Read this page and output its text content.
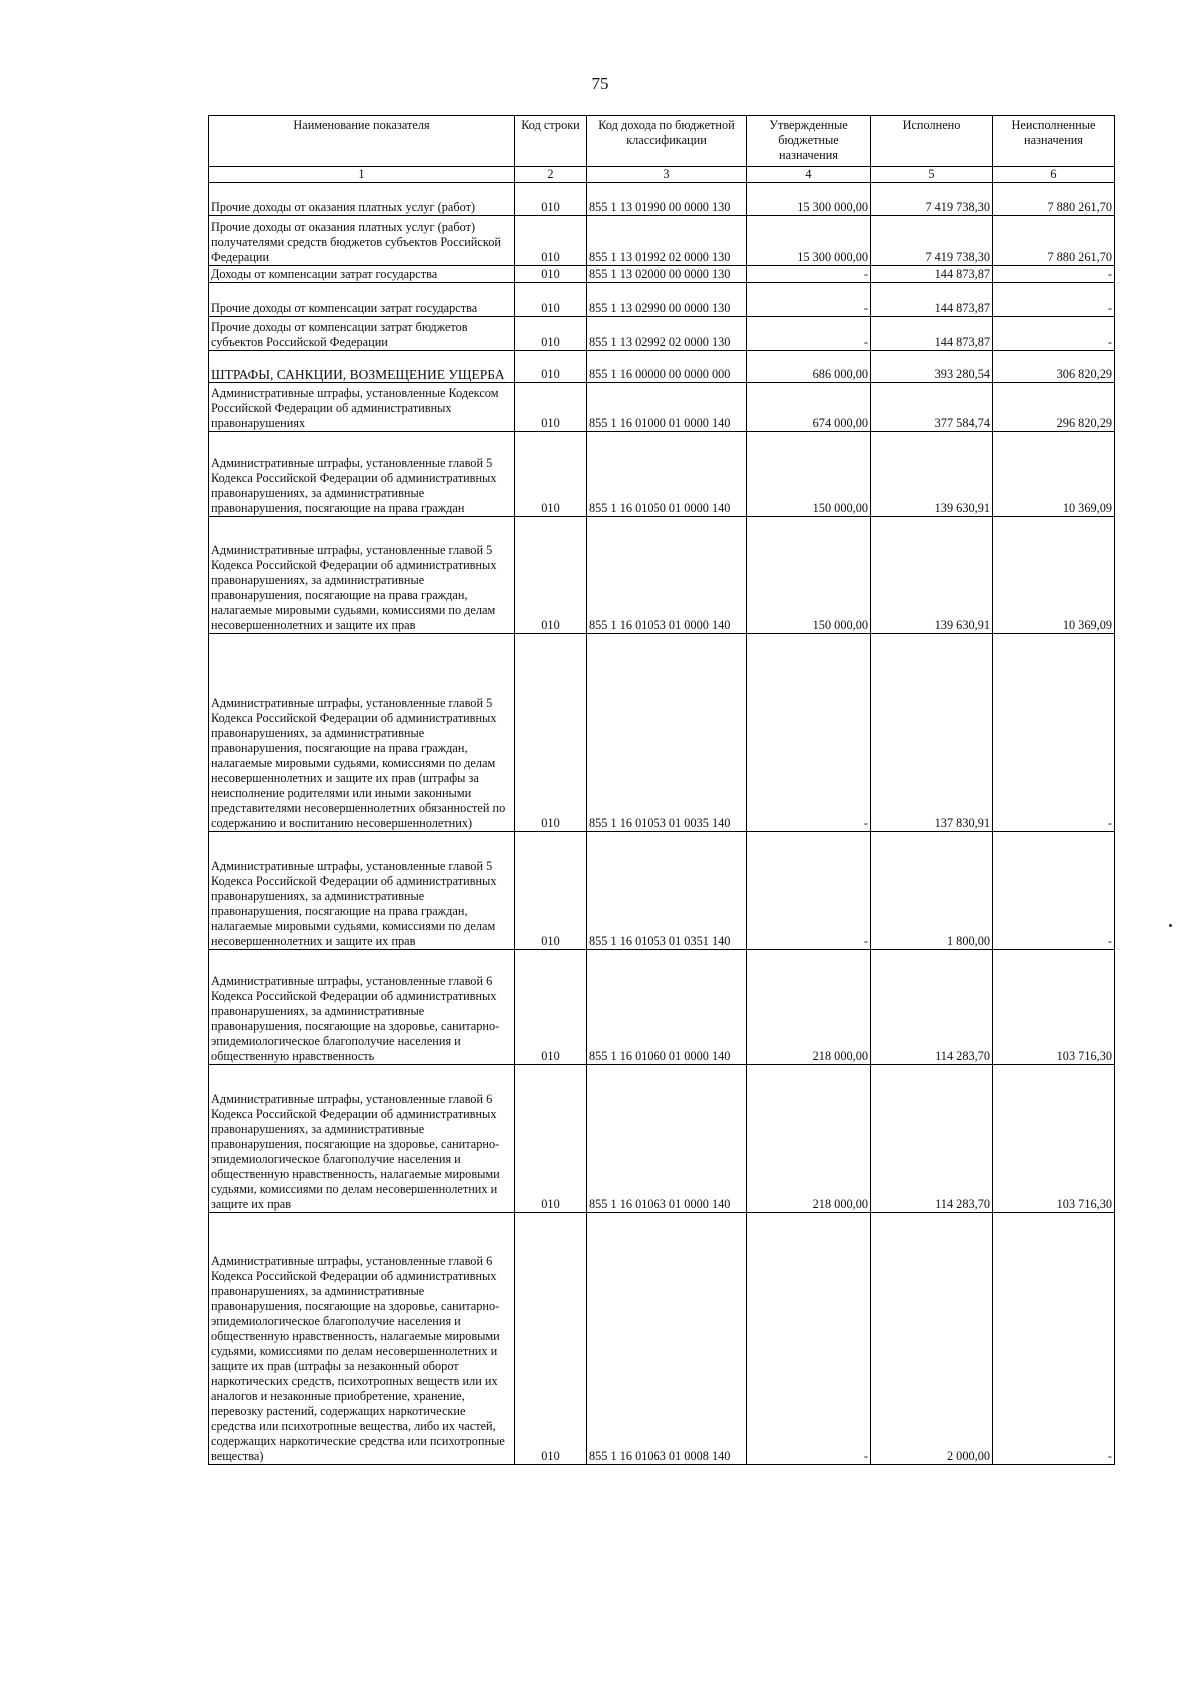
75
Наименование показателя	Код строки	Код дохода по бюджетной классификации	Утвержденные бюджетные назначения	Исполнено	Неисполненные назначения
1	2	3	4	5	6
Прочие доходы от оказания платных услуг (работ)	010	855 1 13 01990 00 0000 130	15 300 000,00	7 419 738,30	7 880 261,70
Прочие доходы от оказания платных услуг (работ) получателями средств бюджетов субъектов Российской Федерации	010	855 1 13 01992 02 0000 130	15 300 000,00	7 419 738,30	7 880 261,70
Доходы от компенсации затрат государства	010	855 1 13 02000 00 0000 130	-	144 873,87	-
Прочие доходы от компенсации затрат государства	010	855 1 13 02990 00 0000 130	-	144 873,87	-
Прочие доходы от компенсации затрат бюджетов субъектов Российской Федерации	010	855 1 13 02992 02 0000 130	-	144 873,87	-
ШТРАФЫ, САНКЦИИ, ВОЗМЕЩЕНИЕ УЩЕРБА	010	855 1 16 00000 00 0000 000	686 000,00	393 280,54	306 820,29
Административные штрафы, установленные Кодексом Российской Федерации об административных правонарушениях	010	855 1 16 01000 01 0000 140	674 000,00	377 584,74	296 820,29
Административные штрафы, установленные главой 5 Кодекса Российской Федерации об административных правонарушениях, за административные правонарушения, посягающие на права граждан	010	855 1 16 01050 01 0000 140	150 000,00	139 630,91	10 369,09
Административные штрафы, установленные главой 5 Кодекса Российской Федерации об административных правонарушениях, за административные правонарушения, посягающие на права граждан, налагаемые мировыми судьями, комиссиями по делам несовершеннолетних и защите их прав	010	855 1 16 01053 01 0000 140	150 000,00	139 630,91	10 369,09
Административные штрафы, установленные главой 5 Кодекса Российской Федерации об административных правонарушениях, за административные правонарушения, посягающие на права граждан, налагаемые мировыми судьями, комиссиями по делам несовершеннолетних и защите их прав (штрафы за неисполнение родителями или иными законными представителями несовершеннолетних обязанностей по содержанию и воспитанию несовершеннолетних)	010	855 1 16 01053 01 0035 140	-	137 830,91	-
Административные штрафы, установленные главой 5 Кодекса Российской Федерации об административных правонарушениях, за административные правонарушения, посягающие на права граждан, налагаемые мировыми судьями, комиссиями по делам несовершеннолетних и защите их прав	010	855 1 16 01053 01 0351 140	-	1 800,00	-
Административные штрафы, установленные главой 6 Кодекса Российской Федерации об административных правонарушениях, за административные правонарушения, посягающие на здоровье, санитарно-эпидемиологическое благополучие населения и общественную нравственность	010	855 1 16 01060 01 0000 140	218 000,00	114 283,70	103 716,30
Административные штрафы, установленные главой 6 Кодекса Российской Федерации об административных правонарушениях, за административные правонарушения, посягающие на здоровье, санитарно-эпидемиологическое благополучие населения и общественную нравственность, налагаемые мировыми судьями, комиссиями по делам несовершеннолетних и защите их прав	010	855 1 16 01063 01 0000 140	218 000,00	114 283,70	103 716,30
Административные штрафы, установленные главой 6 Кодекса Российской Федерации об административных правонарушениях, за административные правонарушения, посягающие на здоровье, санитарно-эпидемиологическое благополучие населения и общественную нравственность, налагаемые мировыми судьями, комиссиями по делам несовершеннолетних и защите их прав (штрафы за незаконный оборот наркотических средств, психотропных веществ или их аналогов и незаконные приобретение, хранение, перевозку растений, содержащих наркотические средства или психотропные вещества, либо их частей, содержащих наркотические средства или психотропные вещества)	010	855 1 16 01063 01 0008 140	-	2 000,00	-
